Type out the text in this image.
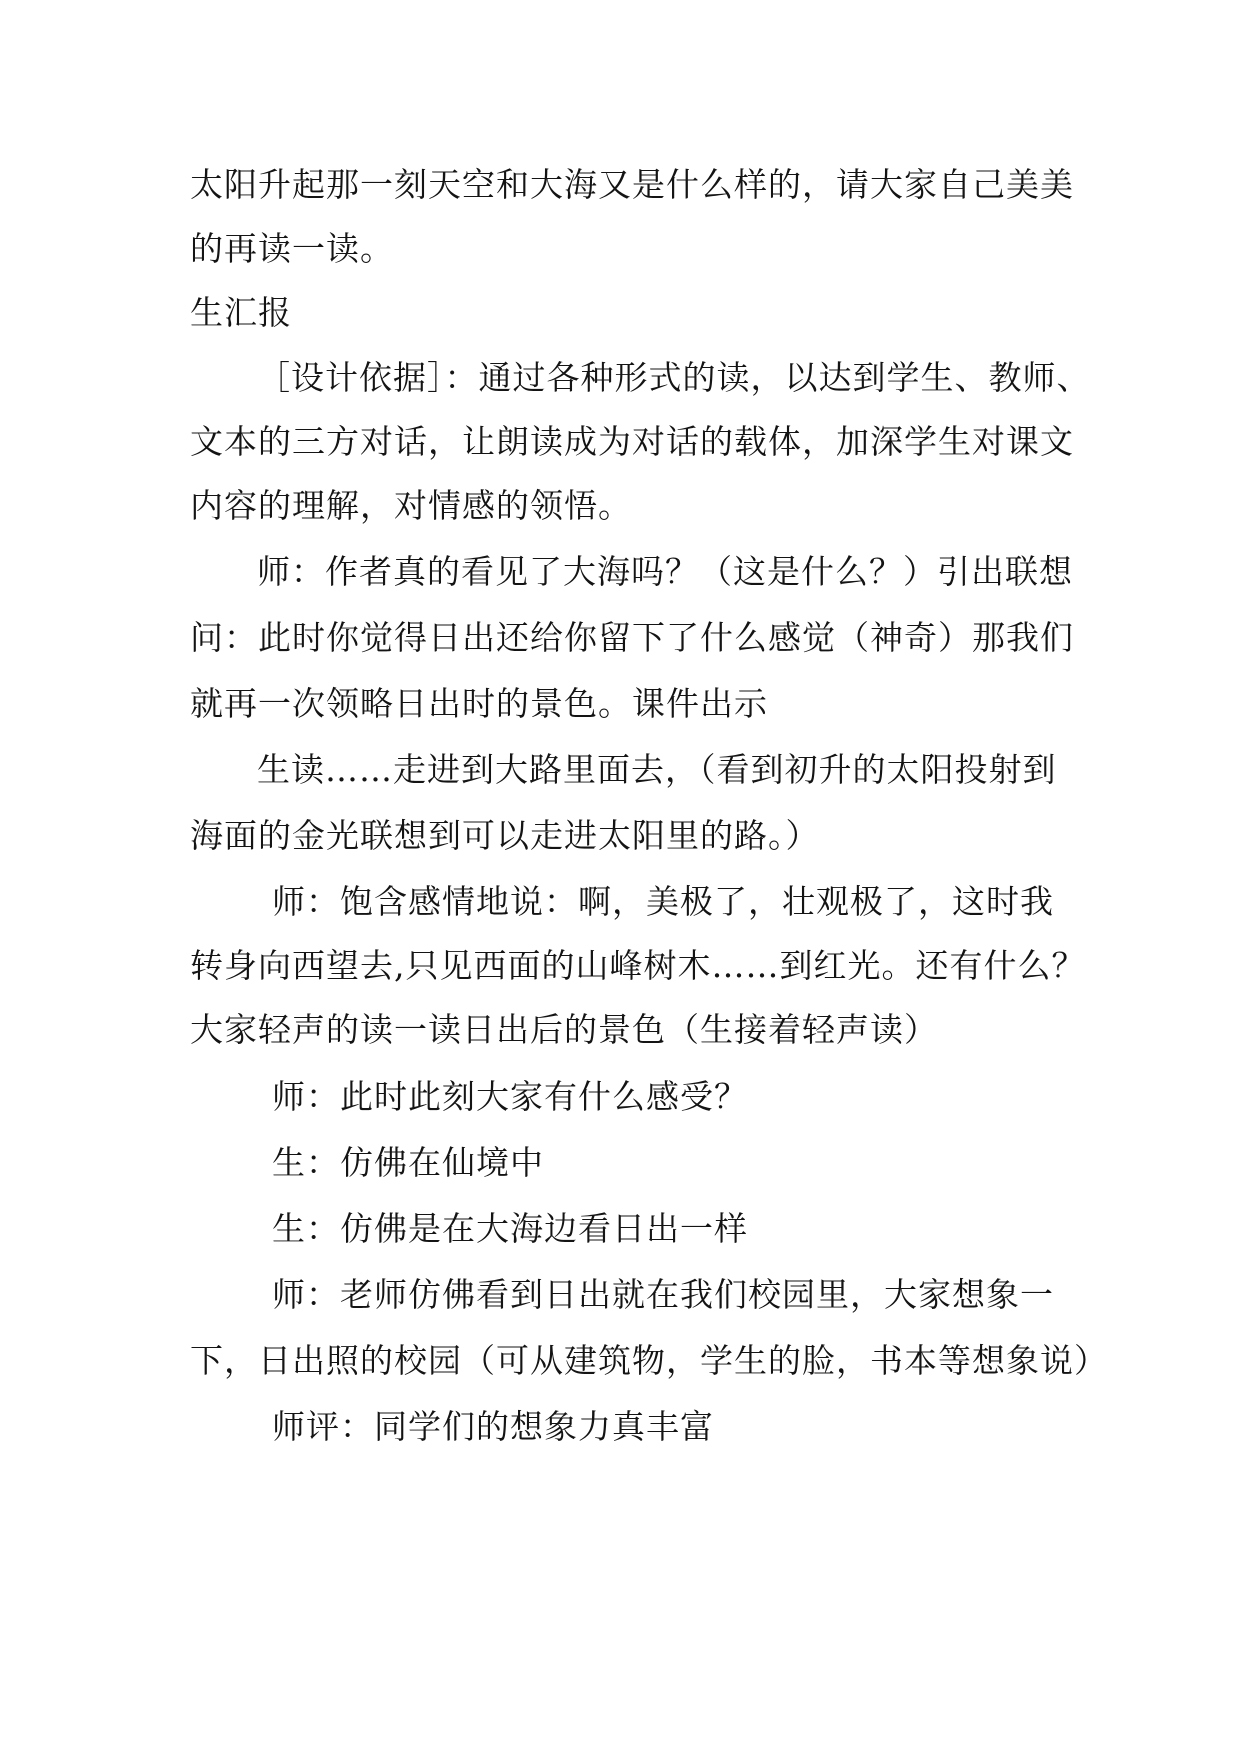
太阳升起那一刻天空和大海又是什么样的，请大家自己美美

的再读一读。

生汇报

［设计依据］：通过各种形式的读，以达到学生、教师、

文本的三方对话，让朗读成为对话的载体，加深学生对课文

内容的理解，对情感的领悟。

师：作者真的看见了大海吗？（这是什么？）引出联想

问：此时你觉得日出还给你留下了什么感觉（神奇）那我们

就再一次领略日出时的景色。课件出示

生读……走进到大路里面去，（看到初升的太阳投射到

海面的金光联想到可以走进太阳里的路。）

师：饱含感情地说：啊，美极了，壮观极了，这时我

转身向西望去,只见西面的山峰树木……到红光。还有什么？

大家轻声的读一读日出后的景色（生接着轻声读）

师：此时此刻大家有什么感受？

生：仿佛在仙境中

生：仿佛是在大海边看日出一样

师：老师仿佛看到日出就在我们校园里，大家想象一

下，日出照的校园（可从建筑物，学生的脸，书本等想象说）

师评：同学们的想象力真丰富
